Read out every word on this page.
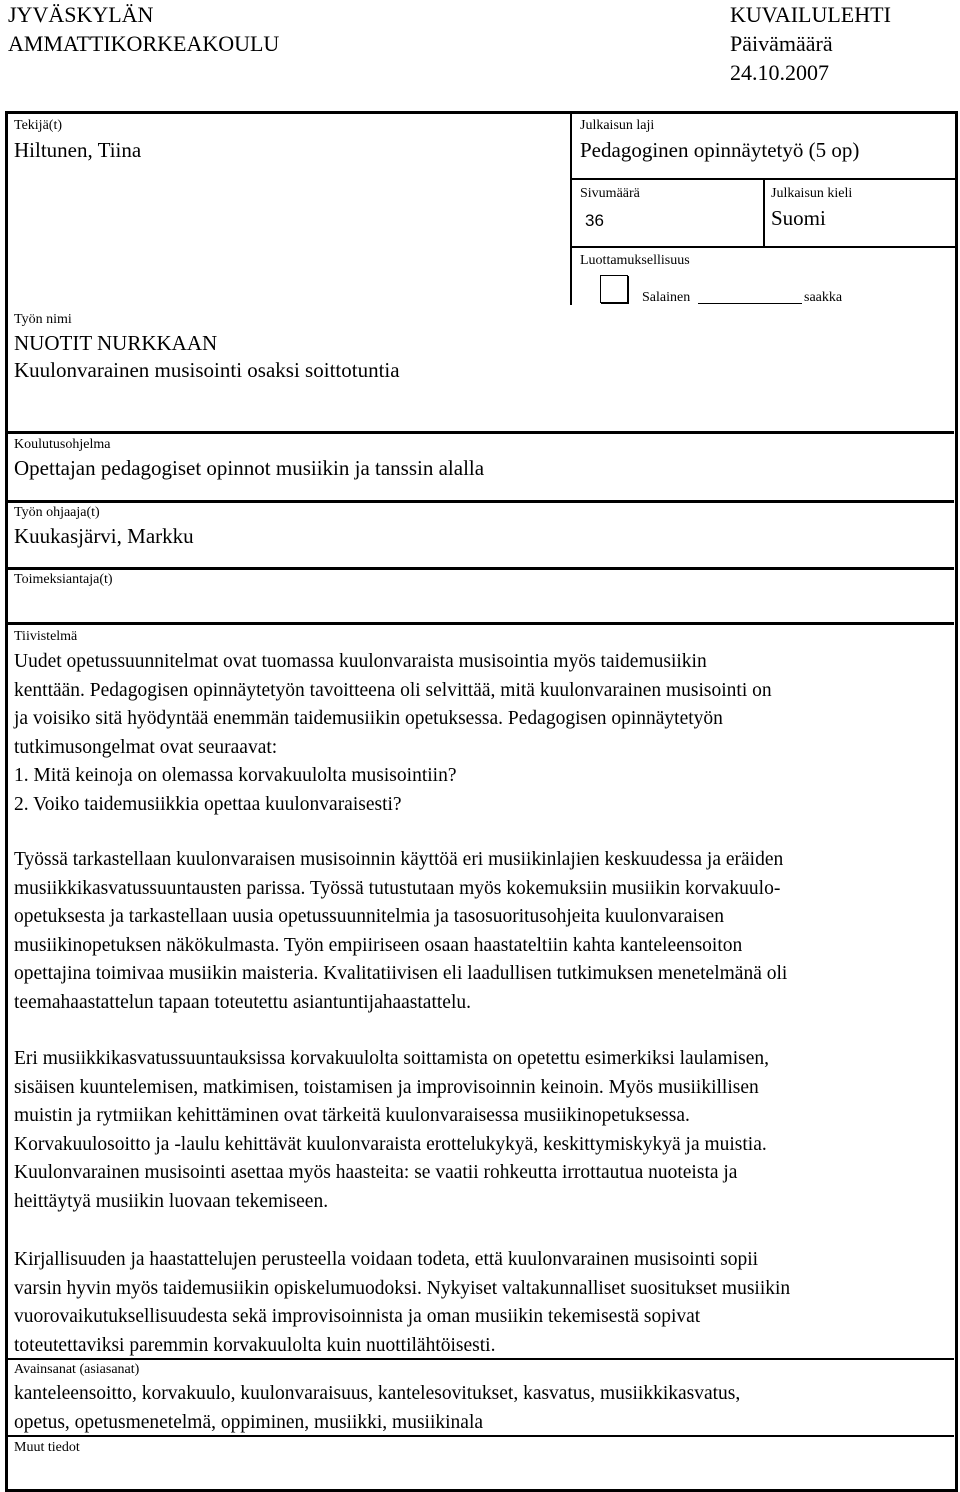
JYVÄSKYLÄN
AMMATTIKORKEAKOULU
KUVAILULEHTI
Päivämäärä
24.10.2007
Tekijä(t)
Hiltunen, Tiina
Julkaisun laji
Pedagoginen opinnäytetyö (5 op)
Sivumäärä
36
Julkaisun kieli
Suomi
Luottamuksellisuus
Salainen	saakka
Työn nimi
NUOTIT NURKKAAN
Kuulonvarainen musisointi osaksi soittotuntia
Koulutusohjelma
Opettajan pedagogiset opinnot musiikin ja tanssin alalla
Työn ohjaaja(t)
Kuukasjärvi, Markku
Toimeksiantaja(t)
Tiivistelmä
Uudet opetussuunnitelmat ovat tuomassa kuulonvaraista musisointia myös taidemusiikin
kenttään. Pedagogisen opinnäytetyön tavoitteena oli selvittää, mitä kuulonvarainen musisointi on
ja voisiko sitä hyödyntää enemmän taidemusiikin opetuksessa. Pedagogisen opinnäytetyön
tutkimusongelmat ovat seuraavat:
1. Mitä keinoja on olemassa korvakuulolta musisointiin?
2. Voiko taidemusiikkia opettaa kuulonvaraisesti?
Työssä tarkastellaan kuulonvaraisen musisoinnin käyttöä eri musiikinlajien keskuudessa ja eräiden
musiikkikasvatussuuntausten parissa. Työssä tutustutaan myös kokemuksiin musiikin korvakuulo-
opetuksesta ja tarkastellaan uusia opetussuunnitelmia ja tasosuoritusohjeita kuulonvaraisen
musiikinopetuksen näkökulmasta. Työn empiiriseen osaan haastateltiin kahta kanteleensoiton
opettajina toimivaa musiikin maisteria. Kvalitatiivisen eli laadullisen tutkimuksen menetelmänä oli
teemahaastattelun tapaan toteutettu asiantuntijahaastattelu.
Eri musiikkikasvatussuuntauksissa korvakuulolta soittamista on opetettu esimerkiksi laulamisen,
sisäisen kuuntelemisen, matkimisen, toistamisen ja improvisoinnin keinoin. Myös musiikillisen
muistin ja rytmiikan kehittäminen ovat tärkeitä kuulonvaraisessa musiikinopetuksessa.
Korvakuulosoitto ja -laulu kehittävät kuulonvaraista erottelukykyä, keskittymiskykyä ja muistia.
Kuulonvarainen musisointi asettaa myös haasteita: se vaatii rohkeutta irrottautua nuoteista ja
heittäytyä musiikin luovaan tekemiseen.
Kirjallisuuden ja haastattelujen perusteella voidaan todeta, että kuulonvarainen musisointi sopii
varsin hyvin myös taidemusiikin opiskelumuodoksi. Nykyiset valtakunnalliset suositukset musiikin
vuorovaikutuksellisuudesta sekä improvisoinnista ja oman musiikin tekemisestä sopivat
toteutettaviksi paremmin korvakuulolta kuin nuottilähtöisesti.
Avainsanat (asiasanat)
kanteleensoitto, korvakuulo, kuulonvaraisuus, kantelesovitukset, kasvatus, musiikkikasvatus,
opetus, opetusmenetelmä, oppiminen, musiikki, musiikinala
Muut tiedot
